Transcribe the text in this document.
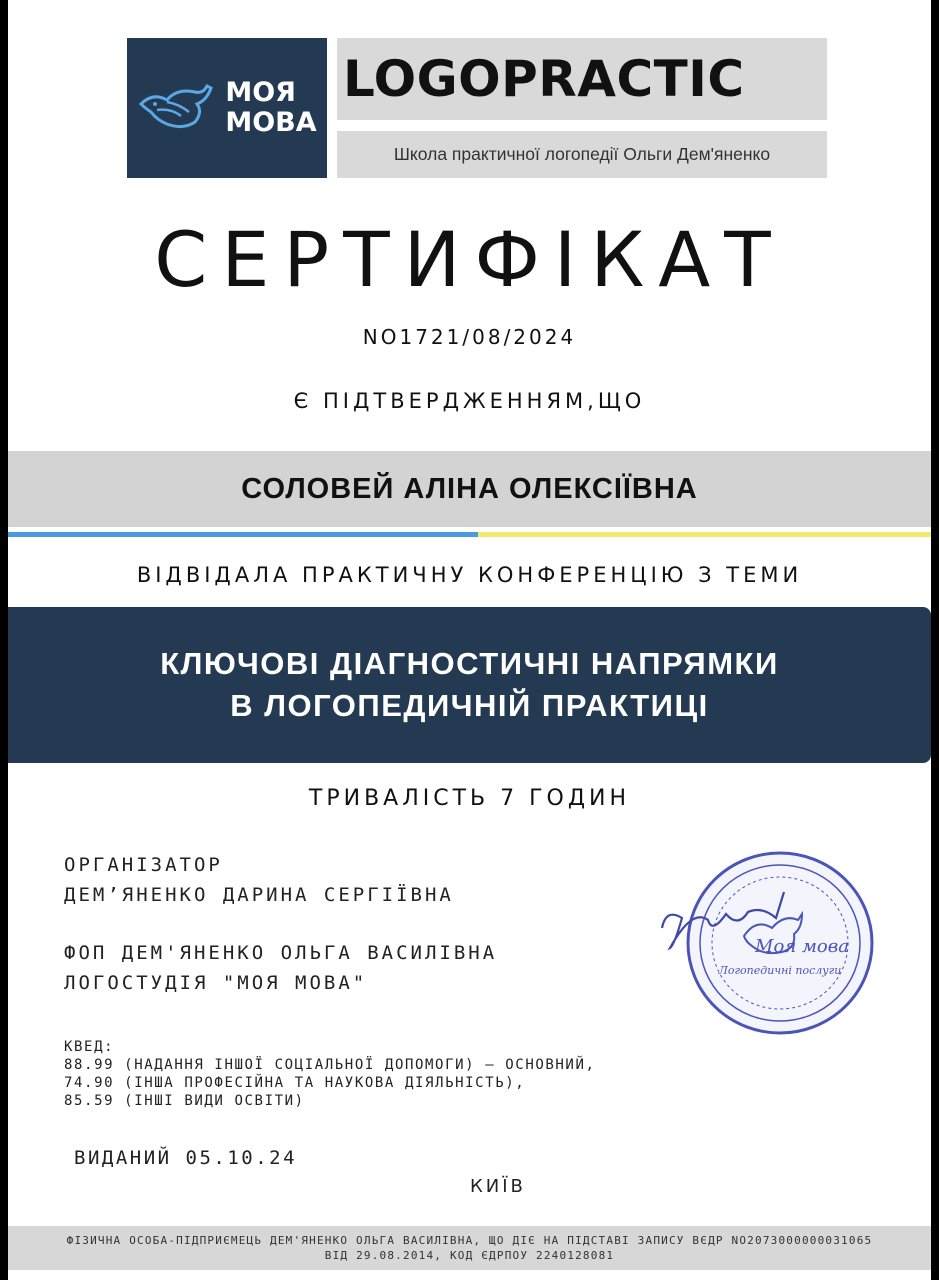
МОЯ
МОВА
LOGOPRACTIC
Школа практичної логопедії Ольги Дем'яненко
СЕРТИФІКАТ
NO1721/08/2024
Є ПІДТВЕРДЖЕННЯМ,ЩО
СОЛОВЕЙ АЛІНА ОЛЕКСІЇВНА
ВІДВІДАЛА ПРАКТИЧНУ КОНФЕРЕНЦІЮ З ТЕМИ
КЛЮЧОВІ ДІАГНОСТИЧНІ НАПРЯМКИ
В ЛОГОПЕДИЧНІЙ ПРАКТИЦІ
ТРИВАЛІСТЬ 7 ГОДИН
ОРГАНІЗАТОР
ДЕМ’ЯНЕНКО ДАРИНА СЕРГІЇВНА
ФОП ДЕМ'ЯНЕНКО ОЛЬГА ВАСИЛІВНА
ЛОГОСТУДІЯ "МОЯ МОВА"
КВЕД:
88.99 (НАДАННЯ ІНШОЇ СОЦІАЛЬНОЇ ДОПОМОГИ) – ОСНОВНИЙ,
74.90 (ІНША ПРОФЕСІЙНА ТА НАУКОВА ДІЯЛЬНІСТЬ),
85.59 (ІНШІ ВИДИ ОСВІТИ)
ВИДАНИЙ 05.10.24
КИЇВ
Моя мова
Логопедичні послуги
ФІЗИЧНА ОСОБА-ПІДПРИЄМЕЦЬ ДЕМ'ЯНЕНКО ОЛЬГА ВАСИЛІВНА, ЩО ДІЄ НА ПІДСТАВІ ЗАПИСУ ВЄДР NO2073000000031065
ВІД 29.08.2014, КОД ЄДРПОУ 2240128081
